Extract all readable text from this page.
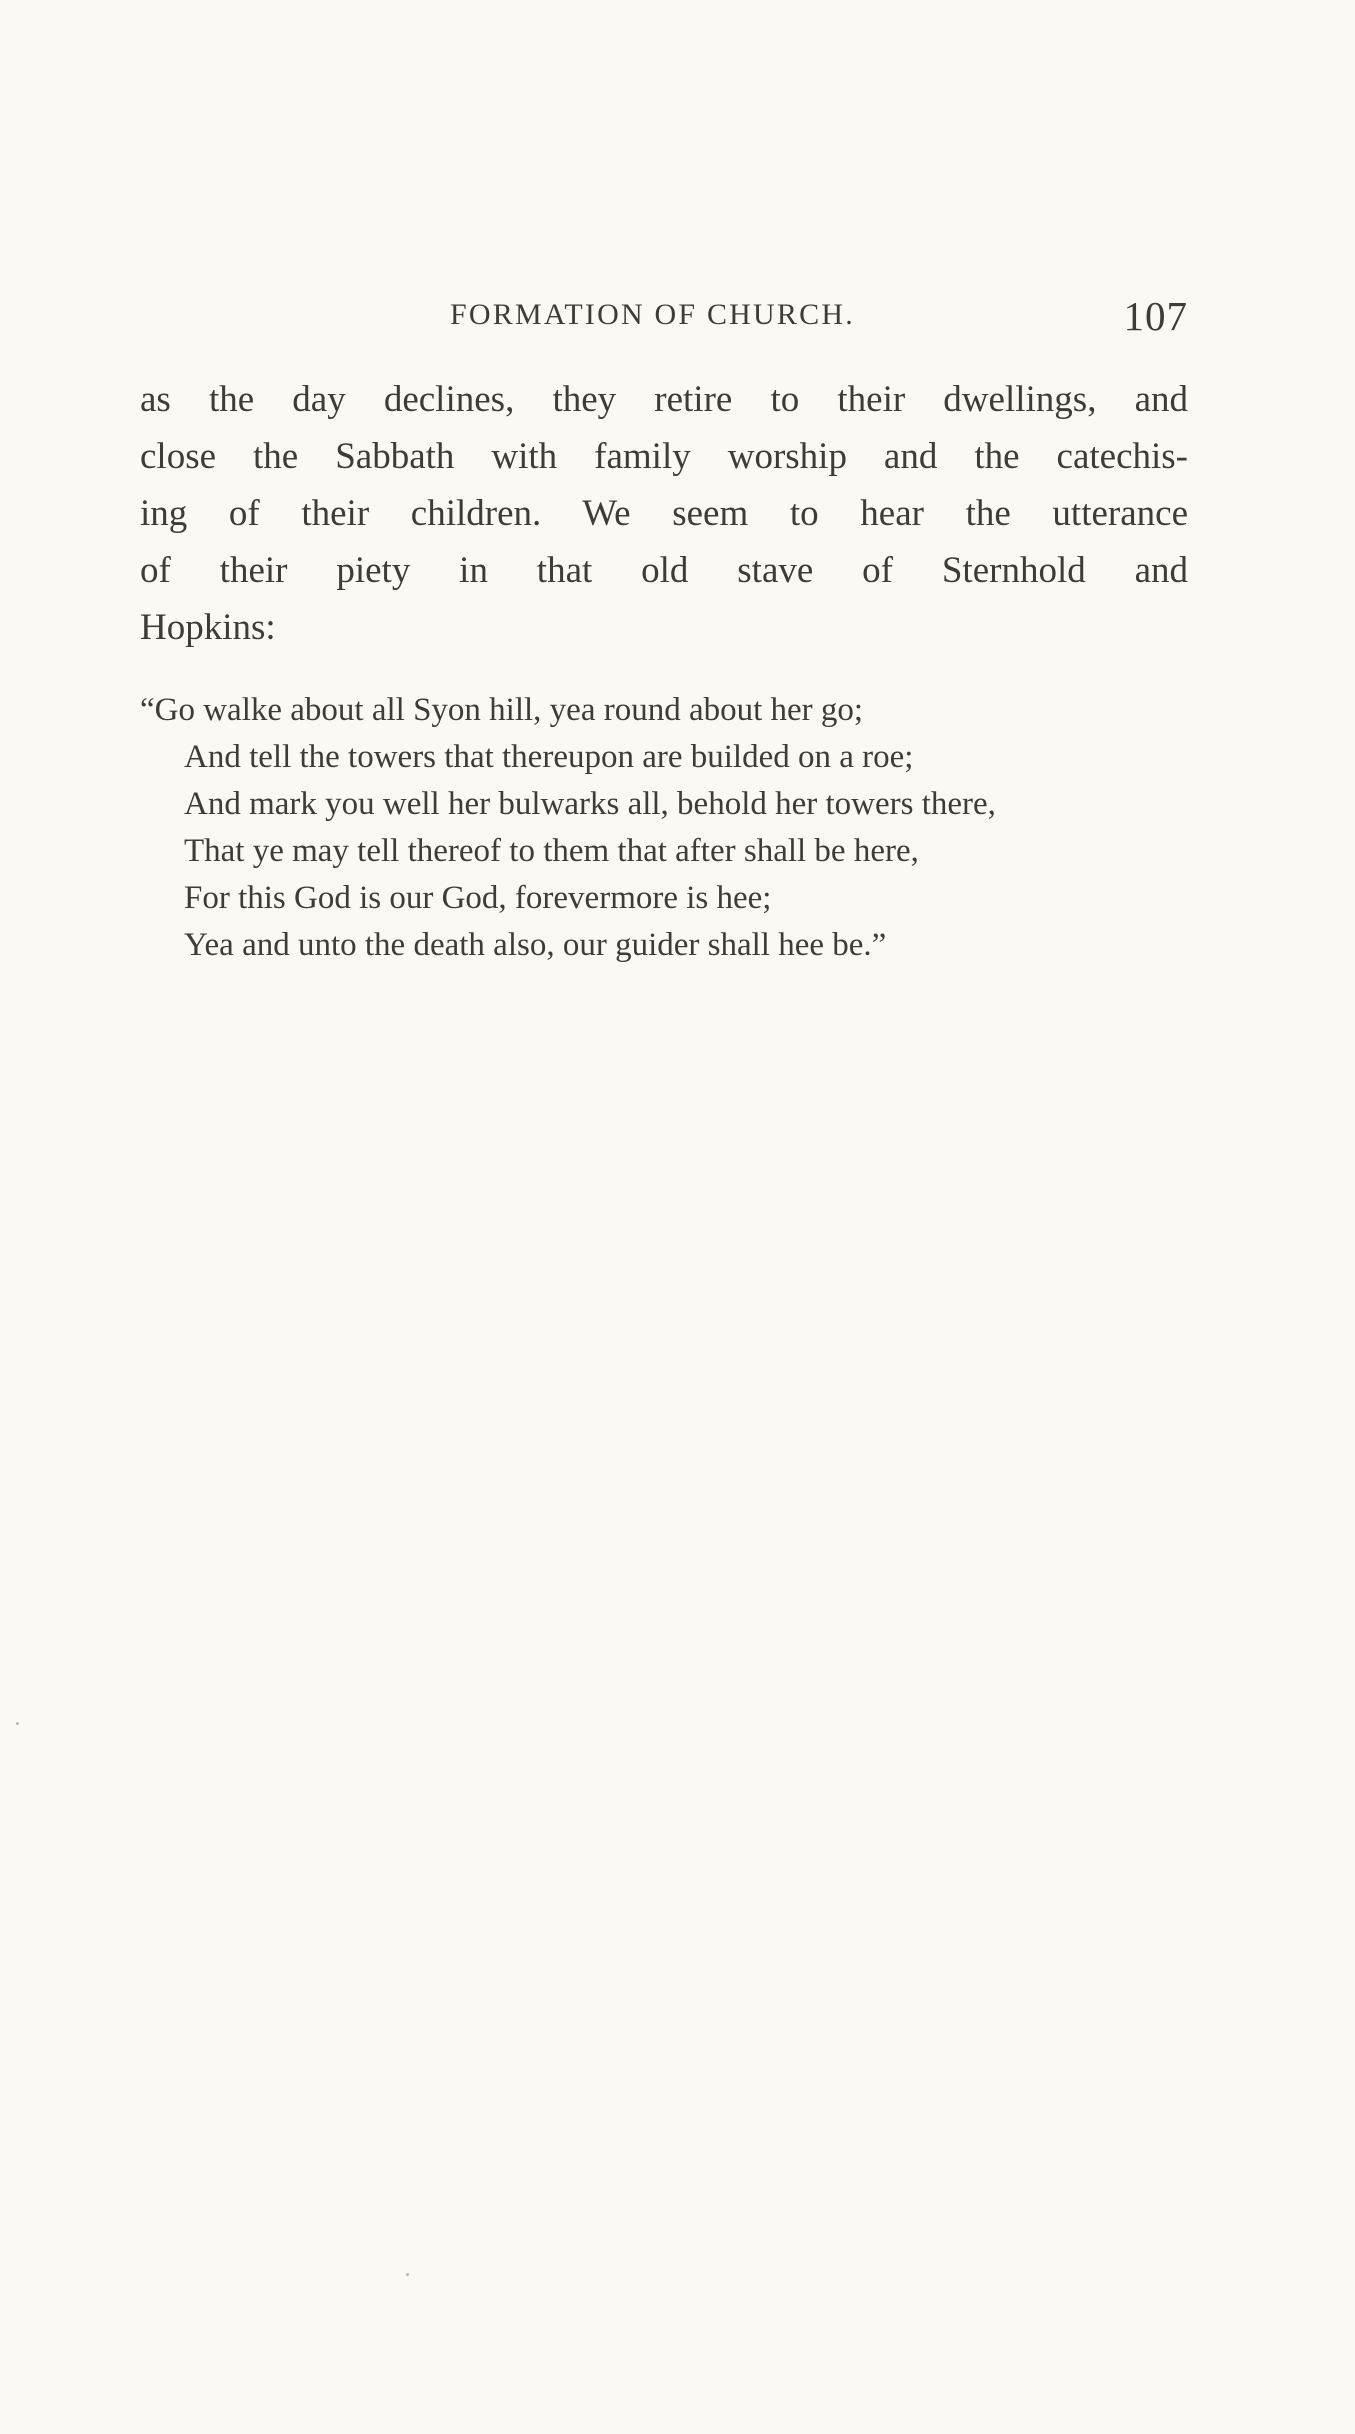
FORMATION OF CHURCH.	107
as the day declines, they retire to their dwellings, and
close the Sabbath with family worship and the catechis-
ing of their children. We seem to hear the utterance
of their piety in that old stave of Sternhold and
Hopkins:
“Go walke about all Syon hill, yea round about her go;
And tell the towers that thereupon are builded on a roe;
And mark you well her bulwarks all, behold her towers there,
That ye may tell thereof to them that after shall be here,
For this God is our God, forevermore is hee;
Yea and unto the death also, our guider shall hee be.”
